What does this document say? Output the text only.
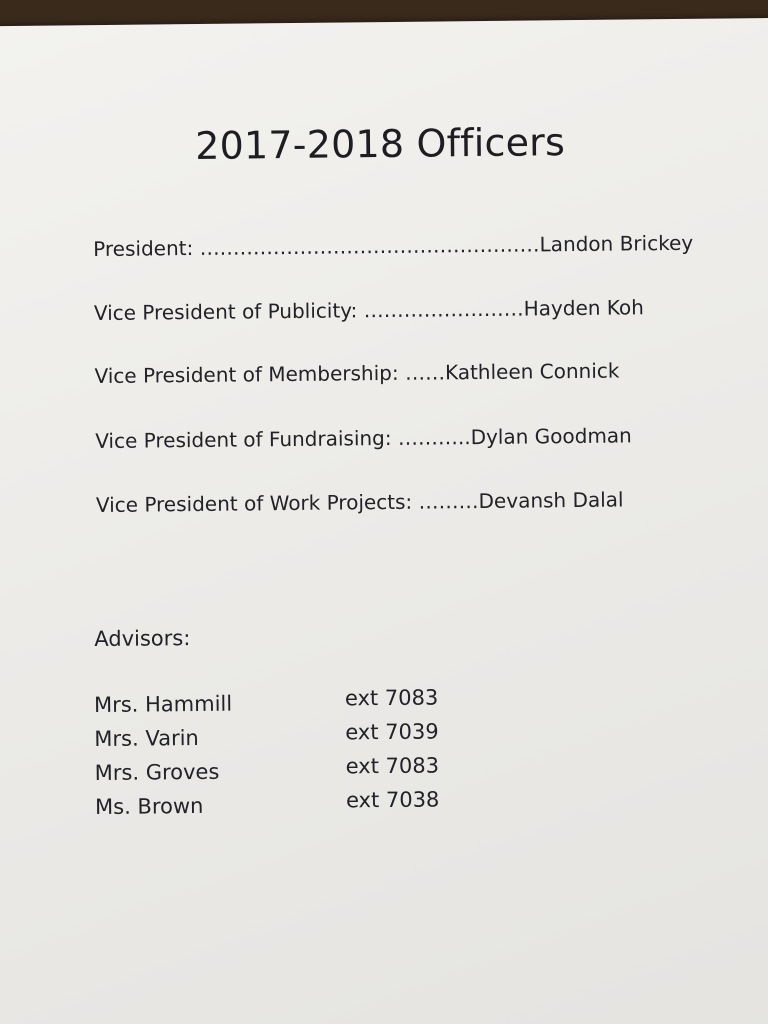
2017-2018 Officers
President: ……………………………………………Landon Brickey
Vice President of Publicity: ……………………Hayden Koh
Vice President of Membership: ……Kathleen Connick
Vice President of Fundraising: ………..Dylan Goodman
Vice President of Work Projects: ………Devansh Dalal
Advisors:
Mrs. Hammill	ext 7083
Mrs. Varin	ext 7039
Mrs. Groves	ext 7083
Ms. Brown	ext 7038
